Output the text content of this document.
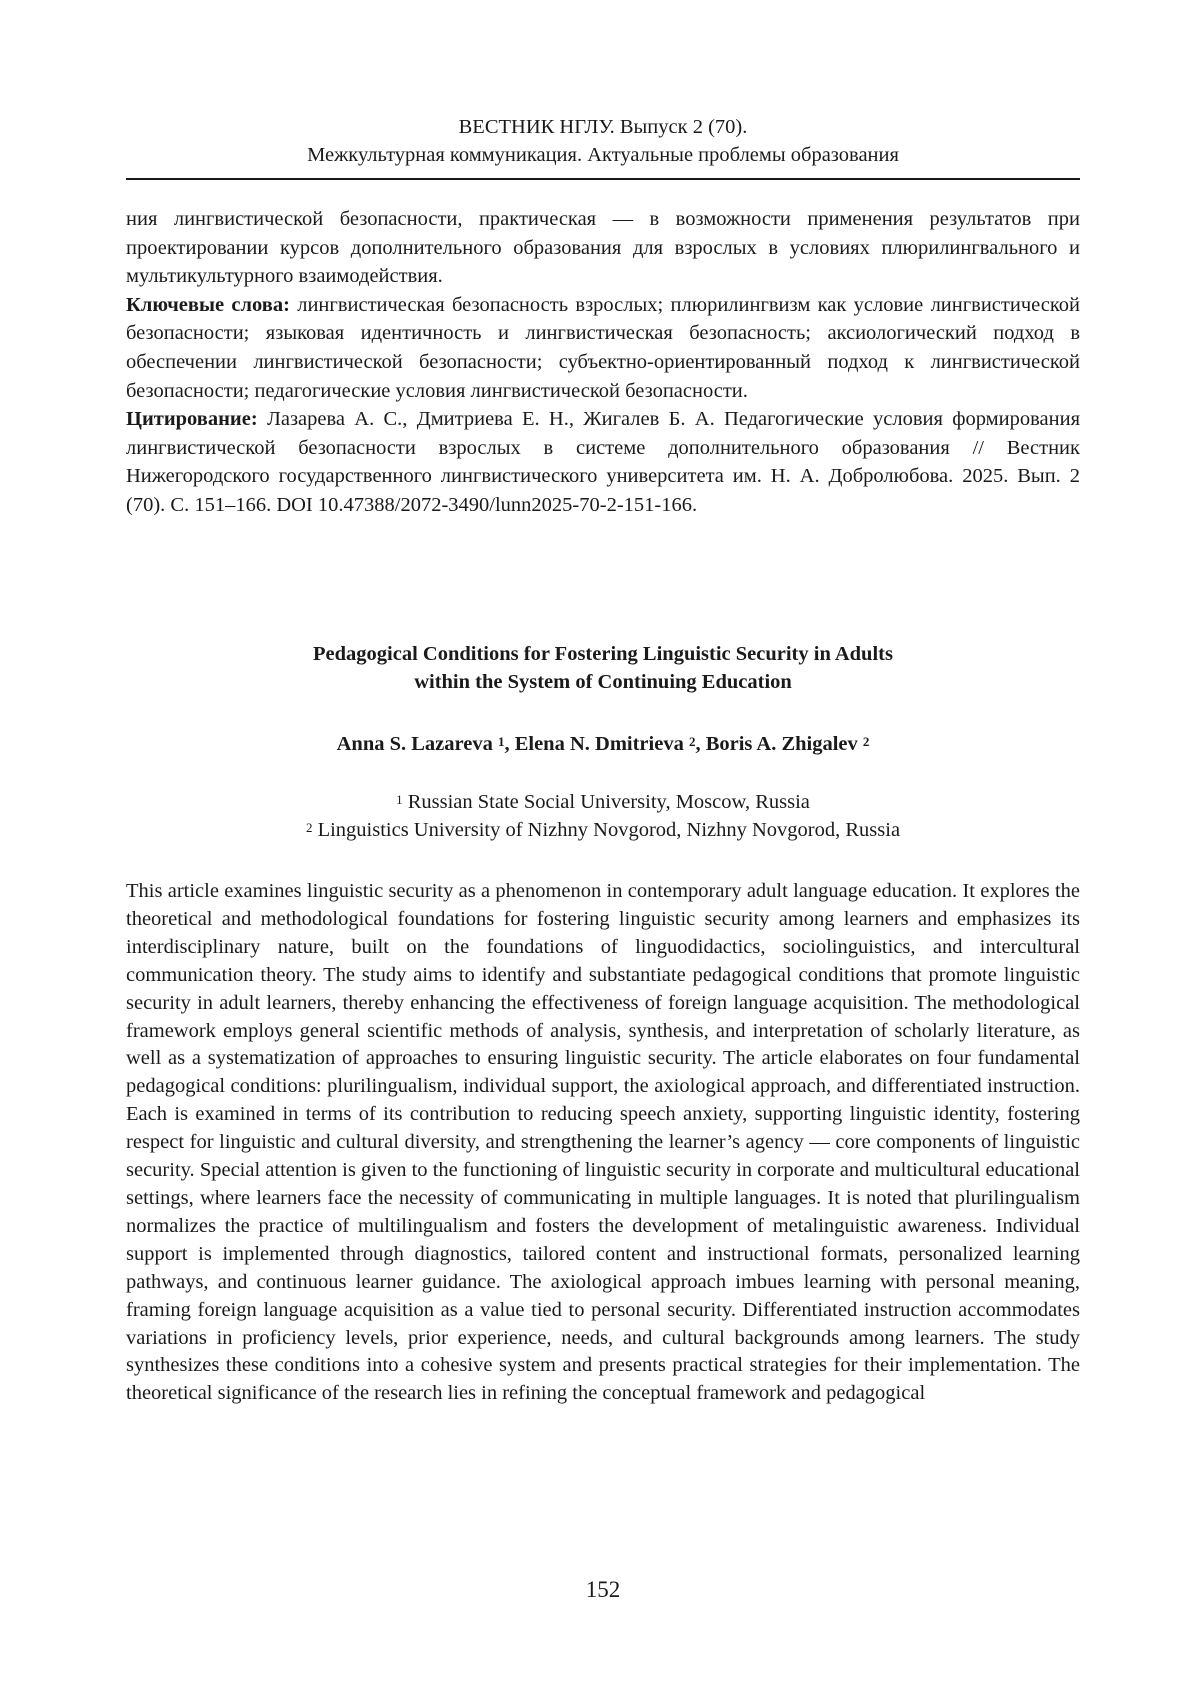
ВЕСТНИК НГЛУ. Выпуск 2 (70).
Межкультурная коммуникация. Актуальные проблемы образования

ния лингвистической безопасности, практическая — в возможности применения результатов при проектировании курсов дополнительного образования для взрослых в условиях плюрилингвального и мультикультурного взаимодействия.

Ключевые слова: лингвистическая безопасность взрослых; плюрилингвизм как условие лингвистической безопасности; языковая идентичность и лингвистическая безопасность; аксиологический подход в обеспечении лингвистической безопасности; субъектно-ориентированный подход к лингвистической безопасности; педагогические условия лингвистической безопасности.

Цитирование: Лазарева А. С., Дмитриева Е. Н., Жигалев Б. А. Педагогические условия формирования лингвистической безопасности взрослых в системе дополнительного образования // Вестник Нижегородского государственного лингвистического университета им. Н. А. Добролюбова. 2025. Вып. 2 (70). С. 151–166. DOI 10.47388/2072-3490/lunn2025-70-2-151-166.

Pedagogical Conditions for Fostering Linguistic Security in Adults
within the System of Continuing Education
Anna S. Lazareva $^1$, Elena N. Dmitrieva $^2$, Boris A. Zhigalev $^2$
$^1$ Russian State Social University, Moscow, Russia
$^2$ Linguistics University of Nizhny Novgorod, Nizhny Novgorod, Russia

This article examines linguistic security as a phenomenon in contemporary adult language education. It explores the theoretical and methodological foundations for fostering linguistic security among learners and emphasizes its interdisciplinary nature, built on the foundations of linguodidactics, sociolinguistics, and intercultural communication theory. The study aims to identify and substantiate pedagogical conditions that promote linguistic security in adult learners, thereby enhancing the effectiveness of foreign language acquisition. The methodological framework employs general scientific methods of analysis, synthesis, and interpretation of scholarly literature, as well as a systematization of approaches to ensuring linguistic security. The article elaborates on four fundamental pedagogical conditions: plurilingualism, individual support, the axiological approach, and differentiated instruction. Each is examined in terms of its contribution to reducing speech anxiety, supporting linguistic identity, fostering respect for linguistic and cultural diversity, and strengthening the learner’s agency — core components of linguistic security. Special attention is given to the functioning of linguistic security in corporate and multicultural educational settings, where learners face the necessity of communicating in multiple languages. It is noted that plurilingualism normalizes the practice of multilingualism and fosters the development of metalinguistic awareness. Individual support is implemented through diagnostics, tailored content and instructional formats, personalized learning pathways, and continuous learner guidance. The axiological approach imbues learning with personal meaning, framing foreign language acquisition as a value tied to personal security. Differentiated instruction accommodates variations in proficiency levels, prior experience, needs, and cultural backgrounds among learners. The study synthesizes these conditions into a cohesive system and presents practical strategies for their implementation. The theoretical significance of the research lies in refining the conceptual framework and pedagogical

152
